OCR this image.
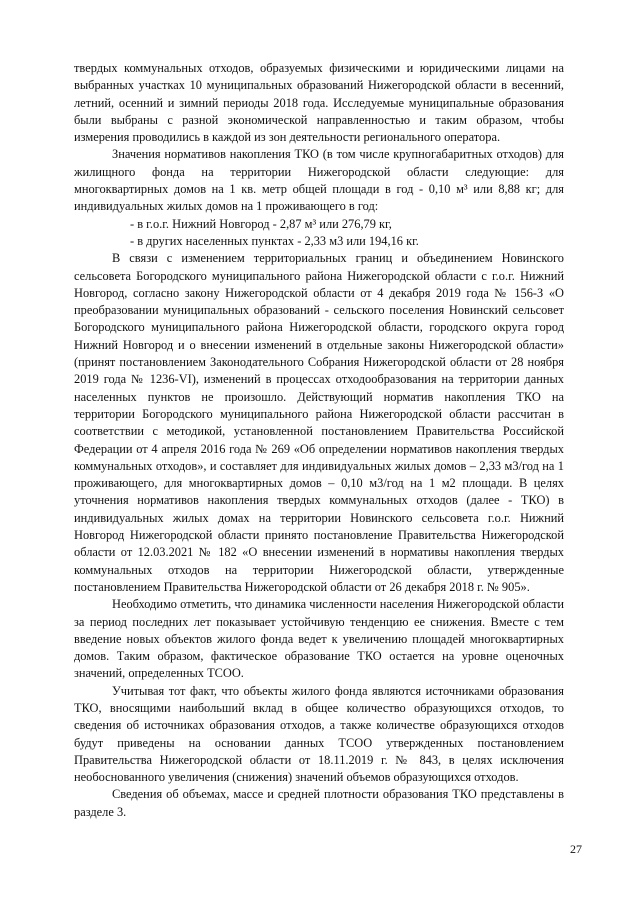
твердых коммунальных отходов, образуемых физическими и юридическими лицами на выбранных участках 10 муниципальных образований Нижегородской области в весенний, летний, осенний и зимний периоды 2018 года. Исследуемые муниципальные образования были выбраны с разной экономической направленностью и таким образом, чтобы измерения проводились в каждой из зон деятельности регионального оператора.

Значения нормативов накопления ТКО (в том числе крупногабаритных отходов) для жилищного фонда на территории Нижегородской области следующие: для многоквартирных домов на 1 кв. метр общей площади в год - 0,10 м³ или 8,88 кг; для индивидуальных жилых домов на 1 проживающего в год:

- в г.о.г. Нижний Новгород - 2,87 м³ или 276,79 кг,

- в других населенных пунктах - 2,33 м3 или 194,16 кг.

В связи с изменением территориальных границ и объединением Новинского сельсовета Богородского муниципального района Нижегородской области с г.о.г. Нижний Новгород, согласно закону Нижегородской области от 4 декабря 2019 года № 156-З «О преобразовании муниципальных образований - сельского поселения Новинский сельсовет Богородского муниципального района Нижегородской области, городского округа город Нижний Новгород и о внесении изменений в отдельные законы Нижегородской области» (принят постановлением Законодательного Собрания Нижегородской области от 28 ноября 2019 года № 1236-VI), изменений в процессах отходообразования на территории данных населенных пунктов не произошло. Действующий норматив накопления ТКО на территории Богородского муниципального района Нижегородской области рассчитан в соответствии с методикой, установленной постановлением Правительства Российской Федерации от 4 апреля 2016 года № 269 «Об определении нормативов накопления твердых коммунальных отходов», и составляет для индивидуальных жилых домов – 2,33 м3/год на 1 проживающего, для многоквартирных домов – 0,10 м3/год на 1 м2 площади. В целях уточнения нормативов накопления твердых коммунальных отходов (далее - ТКО) в индивидуальных жилых домах на территории Новинского сельсовета г.о.г. Нижний Новгород Нижегородской области принято постановление Правительства Нижегородской области от 12.03.2021 № 182 «О внесении изменений в нормативы накопления твердых коммунальных отходов на территории Нижегородской области, утвержденные постановлением Правительства Нижегородской области от 26 декабря 2018 г. № 905».

Необходимо отметить, что динамика численности населения Нижегородской области за период последних лет показывает устойчивую тенденцию ее снижения. Вместе с тем введение новых объектов жилого фонда ведет к увеличению площадей многоквартирных домов. Таким образом, фактическое образование ТКО остается на уровне оценочных значений, определенных ТСОО.

Учитывая тот факт, что объекты жилого фонда являются источниками образования ТКО, вносящими наибольший вклад в общее количество образующихся отходов, то сведения об источниках образования отходов, а также количестве образующихся отходов будут приведены на основании данных ТСОО утвержденных постановлением Правительства Нижегородской области от 18.11.2019 г. № 843, в целях исключения необоснованного увеличения (снижения) значений объемов образующихся отходов.

Сведения об объемах, массе и средней плотности образования ТКО представлены в разделе 3.

27
